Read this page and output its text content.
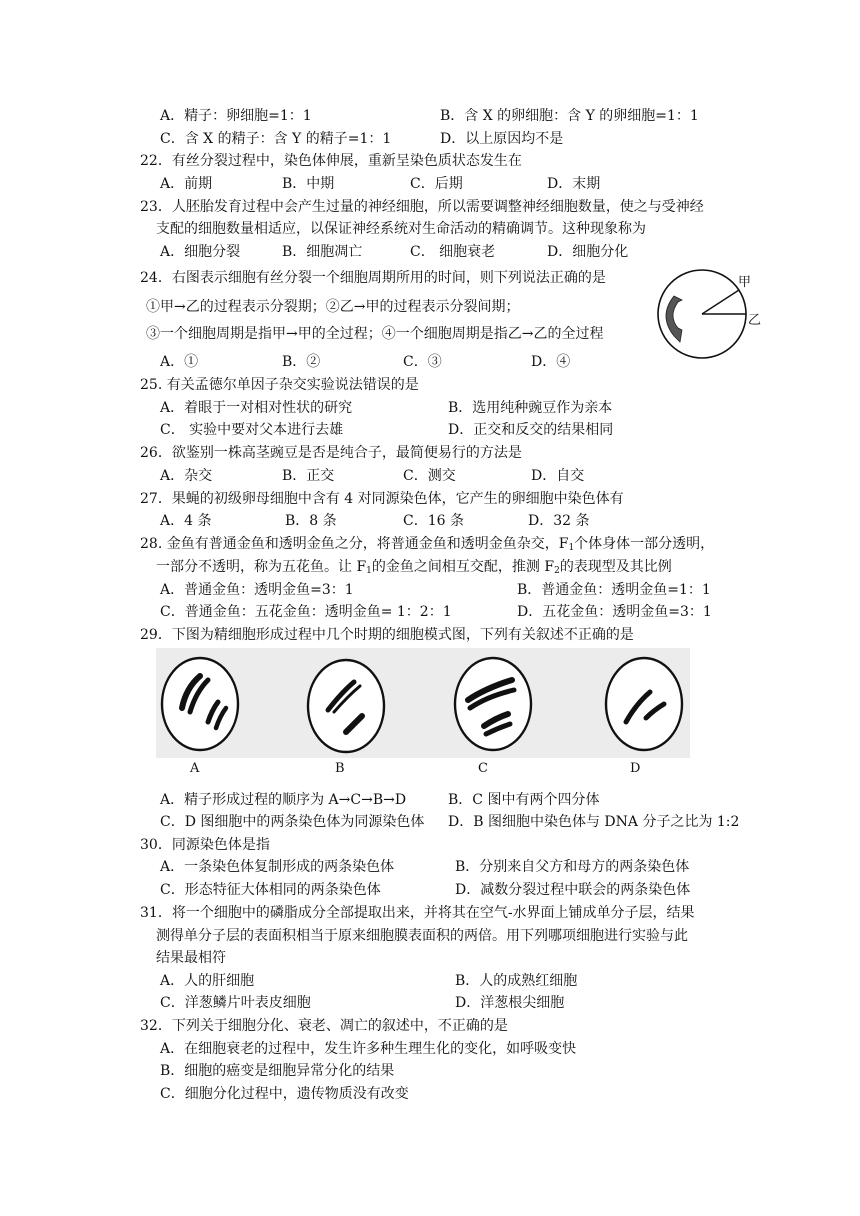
A．精子：卵细胞=1：1	B．含 X 的卵细胞：含 Y 的卵细胞=1：1
C．含 X 的精子：含 Y 的精子=1：1	D．以上原因均不是
22．有丝分裂过程中，染色体伸展，重新呈染色质状态发生在
A．前期	B．中期	C．后期	D．末期
23．人胚胎发育过程中会产生过量的神经细胞，所以需要调整神经细胞数量，使之与受神经
支配的细胞数量相适应，以保证神经系统对生命活动的精确调节。这种现象称为
A．细胞分裂	B．细胞凋亡	C． 细胞衰老	D．细胞分化
24．右图表示细胞有丝分裂一个细胞周期所用的时间，则下列说法正确的是
①甲→乙的过程表示分裂期；②乙→甲的过程表示分裂间期；
③一个细胞周期是指甲→甲的全过程；④一个细胞周期是指乙→乙的全过程
A．①	B．②	C．③	D．④
25. 有关孟德尔单因子杂交实验说法错误的是
A．着眼于一对相对性状的研究	B．选用纯种豌豆作为亲本
C． 实验中要对父本进行去雄	D．正交和反交的结果相同
26．欲鉴别一株高茎豌豆是否是纯合子，最简便易行的方法是
A．杂交	B．正交	C．测交	D．自交
27．果蝇的初级卵母细胞中含有 4 对同源染色体，它产生的卵细胞中染色体有
A．4 条	B．8 条	C．16 条	D．32 条
28. 金鱼有普通金鱼和透明金鱼之分，将普通金鱼和透明金鱼杂交，$F_1$个体身体一部分透明，
一部分不透明，称为五花鱼。让 $F_1$的金鱼之间相互交配，推测 $F_2$的表现型及其比例
A．普通金鱼：透明金鱼=3：1	B．普通金鱼：透明金鱼=1：1
C．普通金鱼：五花金鱼：透明金鱼= 1：2：1	D．五花金鱼：透明金鱼=3：1
29．下图为精细胞形成过程中几个时期的细胞模式图，下列有关叙述不正确的是
A．精子形成过程的顺序为 A→C→B→D	B．C 图中有两个四分体
C．D 图细胞中的两条染色体为同源染色体 D．B 图细胞中染色体与 DNA 分子之比为 1:2
30．同源染色体是指
A．一条染色体复制形成的两条染色体	B．分别来自父方和母方的两条染色体
C．形态特征大体相同的两条染色体	D．减数分裂过程中联会的两条染色体
31．将一个细胞中的磷脂成分全部提取出来，并将其在空气-水界面上铺成单分子层，结果
测得单分子层的表面积相当于原来细胞膜表面积的两倍。用下列哪项细胞进行实验与此
结果最相符
A．人的肝细胞	B．人的成熟红细胞
C．洋葱鳞片叶表皮细胞	D．洋葱根尖细胞
32．下列关于细胞分化、衰老、凋亡的叙述中，不正确的是
A．在细胞衰老的过程中，发生许多种生理生化的变化，如呼吸变快
B．细胞的癌变是细胞异常分化的结果
C．细胞分化过程中，遗传物质没有改变
甲
乙
A	B	C	D
